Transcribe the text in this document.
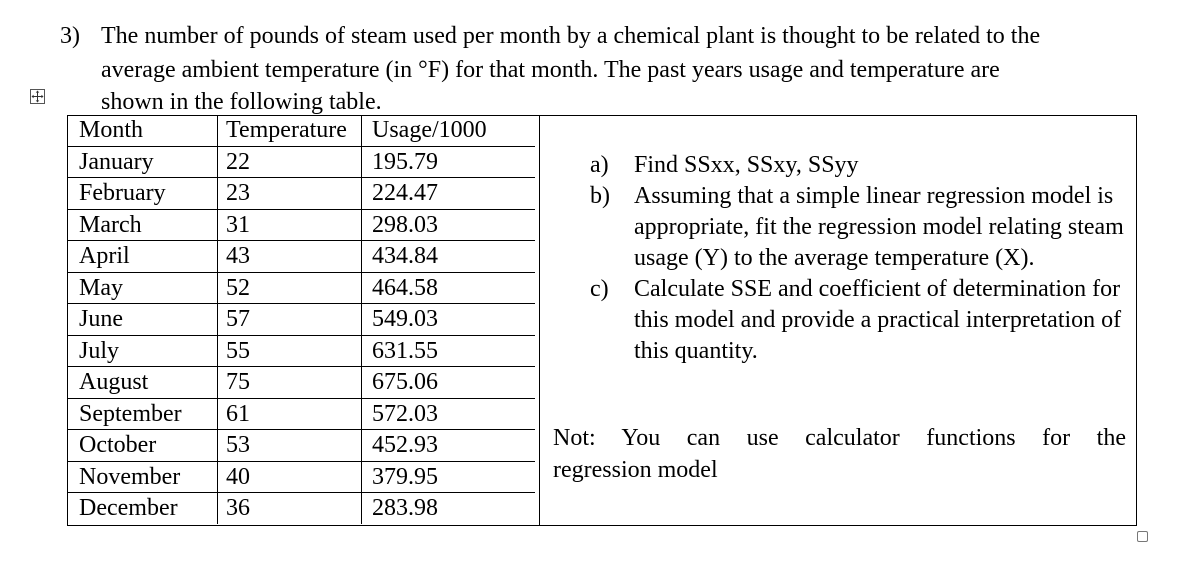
3) The number of pounds of steam used per month by a chemical plant is thought to be related to the
average ambient temperature (in °F) for that month. The past years usage and temperature are
shown in the following table.
Month	Temperature	Usage/1000
January	22	195.79
February	23	224.47
March	31	298.03
April	43	434.84
May	52	464.58
June	57	549.03
July	55	631.55
August	75	675.06
September	61	572.03
October	53	452.93
November	40	379.95
December	36	283.98
a) Find SSxx, SSxy, SSyy
b) Assuming that a simple linear regression model is appropriate, fit the regression model relating steam usage (Y) to the average temperature (X).
c) Calculate SSE and coefficient of determination for this model and provide a practical interpretation of this quantity.
Not: You can use calculator functions for the
regression model
